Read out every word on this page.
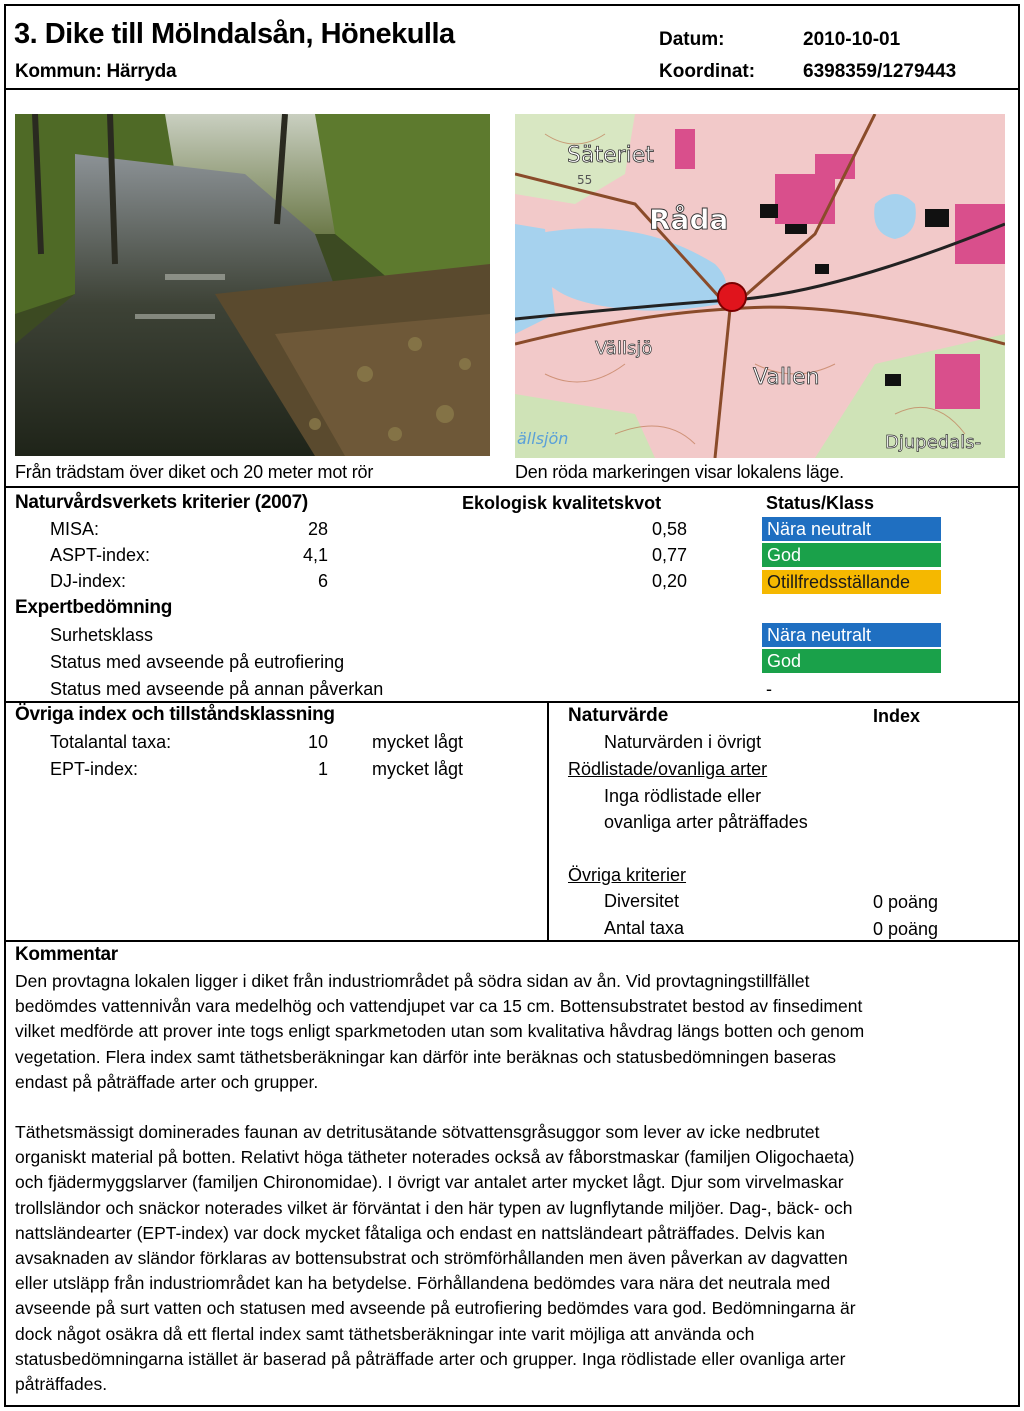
3. Dike till Mölndalsån, Hönekulla
Kommun: Härryda
Datum:	2010-10-01
Koordinat:	6398359/1279443
Från trädstam över diket och 20 meter mot rör
Säteriet
Råda
Vällsjö
Vallen
Djupedals-
ällsjön
55
Den röda markeringen visar lokalens läge.
Naturvårdsverkets kriterier (2007)	Ekologisk kvalitetskvot	Status/Klass
MISA:	28	0,58	Nära neutralt
ASPT-index:	4,1	0,77	God
DJ-index:	6	0,20	Otillfredsställande
Expertbedömning
Surhetsklass	Nära neutralt
Status med avseende på eutrofiering	God
Status med avseende på annan påverkan	-
Övriga index och tillståndsklassning
Totalantal taxa:	10 mycket lågt
EPT-index:	1 mycket lågt
Naturvärde	Index
Naturvärden i övrigt
Rödlistade/ovanliga arter
Inga rödlistade eller
ovanliga arter påträffades
Övriga kriterier
Diversitet	0 poäng
Antal taxa	0 poäng
Kommentar
Den provtagna lokalen ligger i diket från industriområdet på södra sidan av ån. Vid provtagningstillfället
bedömdes vattennivån vara medelhög och vattendjupet var ca 15 cm. Bottensubstratet bestod av finsediment
vilket medförde att prover inte togs enligt sparkmetoden utan som kvalitativa håvdrag längs botten och genom
vegetation. Flera index samt täthetsberäkningar kan därför inte beräknas och statusbedömningen baseras
endast på påträffade arter och grupper.
Täthetsmässigt dominerades faunan av detritusätande sötvattensgråsuggor som lever av icke nedbrutet
organiskt material på botten. Relativt höga tätheter noterades också av fåborstmaskar (familjen Oligochaeta)
och fjädermyggslarver (familjen Chironomidae). I övrigt var antalet arter mycket lågt. Djur som virvelmaskar
trollsländor och snäckor noterades vilket är förväntat i den här typen av lugnflytande miljöer. Dag-, bäck- och
nattsländearter (EPT-index) var dock mycket fåtaliga och endast en nattsländeart påträffades. Delvis kan
avsaknaden av sländor förklaras av bottensubstrat och strömförhållanden men även påverkan av dagvatten
eller utsläpp från industriområdet kan ha betydelse. Förhållandena bedömdes vara nära det neutrala med
avseende på surt vatten och statusen med avseende på eutrofiering bedömdes vara god. Bedömningarna är
dock något osäkra då ett flertal index samt täthetsberäkningar inte varit möjliga att använda och
statusbedömningarna istället är baserad på påträffade arter och grupper. Inga rödlistade eller ovanliga arter
påträffades.
